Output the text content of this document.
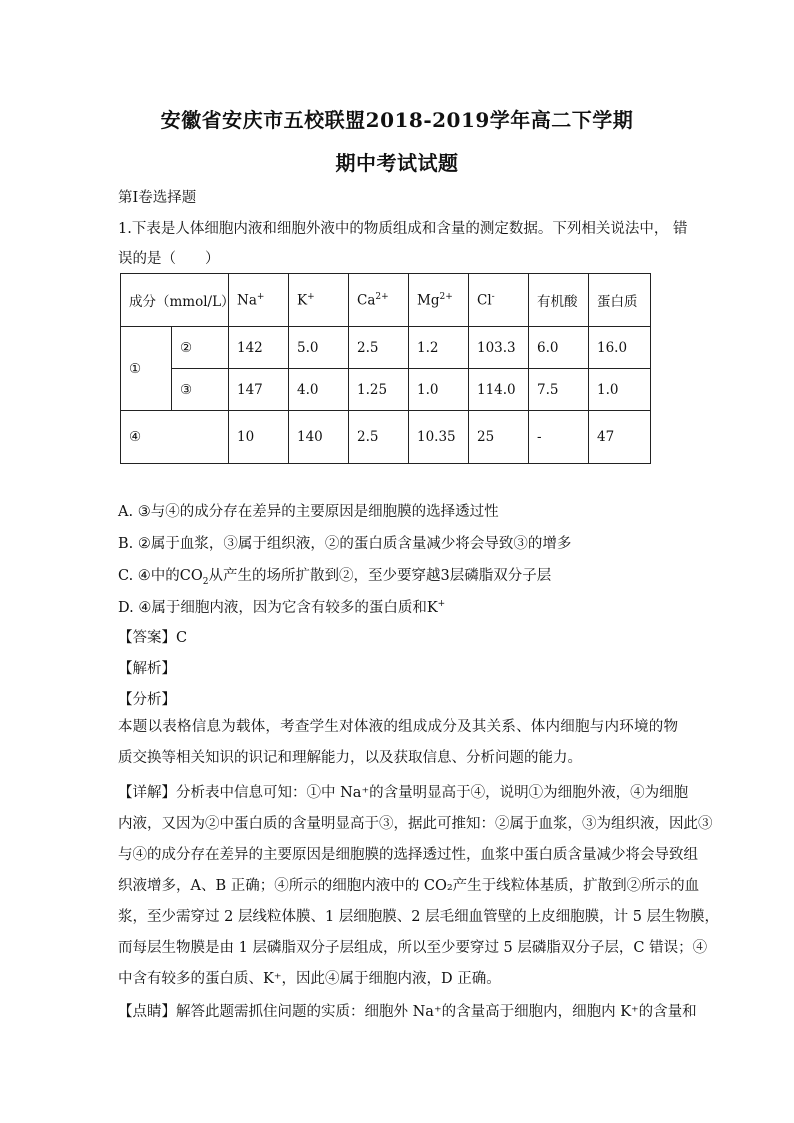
安徽省安庆市五校联盟2018-2019学年高二下学期
期中考试试题
第Ⅰ卷选择题
1.下表是人体细胞内液和细胞外液中的物质组成和含量的测定数据。下列相关说法中， 错
误的是（　　）
成分（mmol/L）		Na+	K+	$Ca^{2+}$	$Mg^{2+}$	Cl-	有机酸	蛋白质
①	②	142	5.0	2.5	1.2	103.3	6.0	16.0
	③	147	4.0	1.25	1.0	114.0	7.5	1.0
④		10	140	2.5	10.35	25	-	47
A. ③与④的成分存在差异的主要原因是细胞膜的选择透过性
B. ②属于血浆，③属于组织液，②的蛋白质含量减少将会导致③的增多
C. ④中的$CO_2$从产生的场所扩散到②，至少要穿越3层磷脂双分子层
D. ④属于细胞内液，因为它含有较多的蛋白质和K+
【答案】C
【解析】
【分析】
本题以表格信息为载体，考查学生对体液的组成成分及其关系、体内细胞与内环境的物质交换等相关知识的识记和理解能力，以及获取信息、分析问题的能力。
【详解】分析表中信息可知：①中 Na⁺的含量明显高于④，说明①为细胞外液，④为细胞
内液，又因为②中蛋白质的含量明显高于③，据此可推知：②属于血浆，③为组织液，因此③
与④的成分存在差异的主要原因是细胞膜的选择透过性，血浆中蛋白质含量减少将会导致组
织液增多，A、B 正确；④所示的细胞内液中的 CO₂产生于线粒体基质，扩散到②所示的血
浆，至少需穿过 2 层线粒体膜、1 层细胞膜、2 层毛细血管壁的上皮细胞膜，计 5 层生物膜，
而每层生物膜是由 1 层磷脂双分子层组成，所以至少要穿过 5 层磷脂双分子层，C 错误；④
中含有较多的蛋白质、K⁺，因此④属于细胞内液，D 正确。
【点睛】解答此题需抓住问题的实质：细胞外 Na⁺的含量高于细胞内，细胞内 K⁺的含量和
